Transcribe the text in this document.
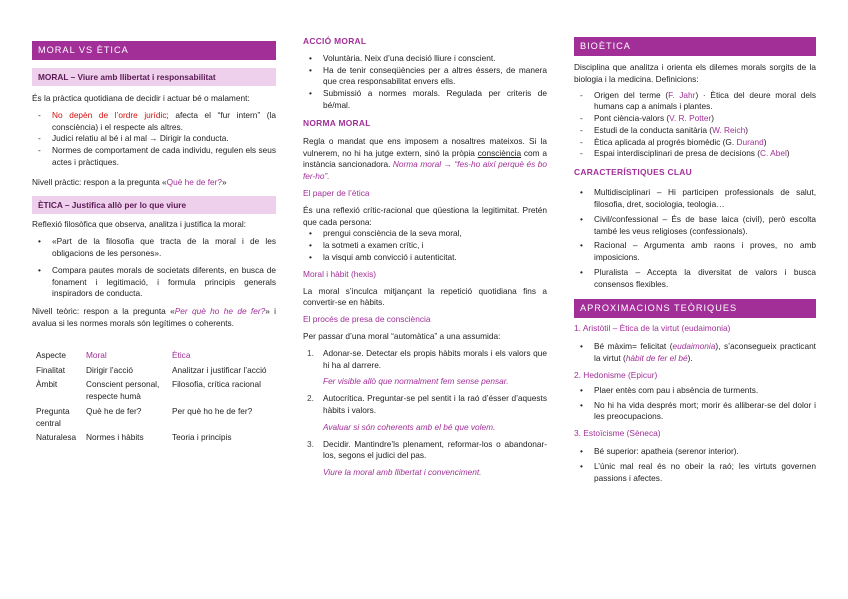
MORAL VS ÈTICA
MORAL – Viure amb llibertat i responsabilitat
És la pràctica quotidiana de decidir i actuar bé o malament:
- No depèn de l’ordre jurídic; afecta el “fur intern” (la consciència) i el respecte als altres.
- Judici relatiu al bé i al mal → Dirigir la conducta.
- Normes de comportament de cada individu, regulen els seus actes i pràctiques.
Nivell pràctic: respon a la pregunta «Què he de fer?»
ÈTICA – Justifica allò per lo que viure
Reflexió filosòfica que observa, analitza i justifica la moral:
• «Part de la filosofia que tracta de la moral i de les obligacions de les persones».
• Compara pautes morals de societats diferents, en busca de fonament i legitimació, i formula principis generals inspiradors de conducta.
Nivell teòric: respon a la pregunta «Per què ho he de fer?» i avalua si les normes morals són legítimes o coherents.
Aspecte	Moral	Ètica
Finalitat	Dirigir l’acció	Analitzar i justificar l’acció
Àmbit	Conscient personal, respecte humà	Filosofia, crítica racional
Pregunta central	Què he de fer?	Per què ho he de fer?
Naturalesa	Normes i hàbits	Teoria i principis
ACCIÓ MORAL
• Voluntària. Neix d’una decisió lliure i conscient.
• Ha de tenir conseqüències per a altres éssers, de manera que crea responsabilitat envers ells.
• Submissió a normes morals. Regulada per criteris de bé/mal.
NORMA MORAL
Regla o mandat que ens imposem a nosaltres mateixos. Si la vulnerem, no hi ha jutge extern, sinó la pròpia consciència com a instància sancionadora. Norma moral → “fes-ho així perquè és bo fer-ho”.
El paper de l’ètica
És una reflexió crític-racional que qüestiona la legitimitat. Pretén que cada persona:
• prengui consciència de la seva moral,
• la sotmeti a examen crític, i
• la visqui amb convicció i autenticitat.
Moral i hàbit (hexis)
La moral s’inculca mitjançant la repetició quotidiana fins a convertir-se en hàbits.
El procés de presa de consciència
Per passar d’una moral “automàtica” a una assumida:
1. Adonar-se. Detectar els propis hàbits morals i els valors que hi ha al darrere.
Fer visible allò que normalment fem sense pensar.
2. Autocrítica. Preguntar-se pel sentit i la raó d’ésser d’aquests hàbits i valors.
Avaluar si són coherents amb el bé que volem.
3. Decidir. Mantindre’ls plenament, reformar-los o abandonar-los, segons el judici del pas.
Viure la moral amb llibertat i convenciment.
BIOÈTICA
Disciplina que analitza i orienta els dilemes morals sorgits de la biologia i la medicina. Definicions:
- Origen del terme (F. Jahr) · Ètica del deure moral dels humans cap a animals i plantes.
- Pont ciència-valors (V. R. Potter)
- Estudi de la conducta sanitària (W. Reich)
- Ètica aplicada al progrés biomèdic (G. Durand)
- Espai interdisciplinari de presa de decisions (C. Abel)
CARACTERÍSTIQUES CLAU
• Multidisciplinari – Hi participen professionals de salut, filosofia, dret, sociologia, teologia…
• Civil/confessional – És de base laica (civil), però escolta també les veus religioses (confessionals).
• Racional – Argumenta amb raons i proves, no amb imposicions.
• Pluralista – Accepta la diversitat de valors i busca consensos flexibles.
APROXIMACIONS TEÒRIQUES
1. Aristòtil – Ètica de la virtut (eudaimonia)
• Bé màxim= felicitat (eudaimonia), s’aconsegueix practicant la virtut (hàbit de fer el bé).
2. Hedonisme (Epicur)
• Plaer entès com pau i absència de turments.
• No hi ha vida després mort; morir és alliberar-se del dolor i les preocupacions.
3. Estoïcisme (Sèneca)
• Bé superior: apatheia (serenor interior).
• L’únic mal real és no obeir la raó; les virtuts governen passions i afectes.
